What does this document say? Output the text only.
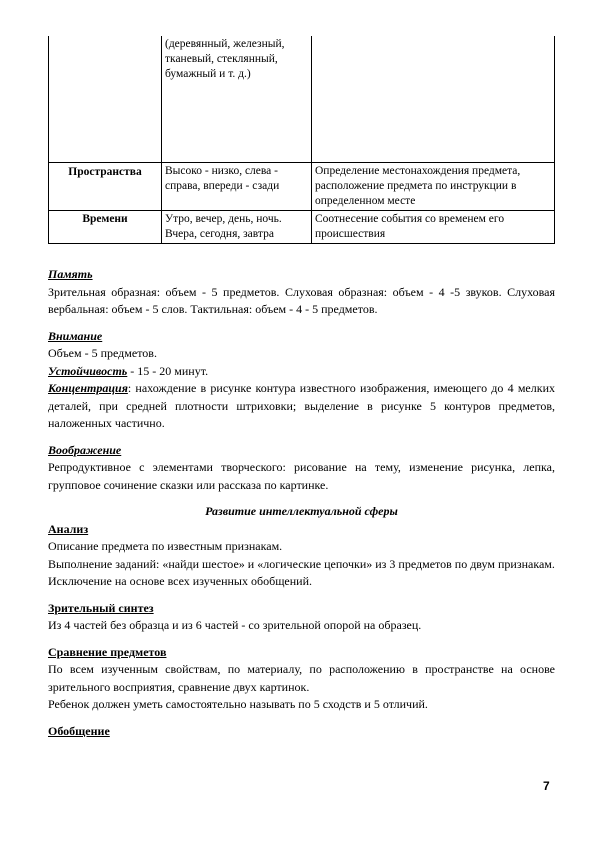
	(деревянный, железный, тканевый, стеклянный, бумажный и т. д.)	
Пространства	Высоко - низко, слева - справа, впереди - сзади	Определение местонахождения предмета, расположение предмета по инструкции в определенном месте
Времени	Утро, вечер, день, ночь. Вчера, сегодня, завтра	Соотнесение события со временем его происшествия
Память
Зрительная образная: объем - 5 предметов. Слуховая образная: объем - 4 -5 звуков. Слуховая вербальная: объем - 5 слов. Тактильная: объем - 4 - 5 предметов.
Внимание
Объем - 5 предметов.
Устойчивость - 15 - 20 минут.
Концентрация: нахождение в рисунке контура известного изображения, имеющего до 4 мелких деталей, при средней плотности штриховки; выделение в рисунке 5 контуров предметов, наложенных частично.
Воображение
Репродуктивное с элементами творческого: рисование на тему, изменение рисунка, лепка, групповое сочинение сказки или рассказа по картинке.
Развитие интеллектуальной сферы
Анализ
Описание предмета по известным признакам.
Выполнение заданий: «найди шестое» и «логические цепочки» из 3 предметов по двум признакам.
Исключение на основе всех изученных обобщений.
Зрительный синтез
Из 4 частей без образца и из 6 частей - со зрительной опорой на образец.
Сравнение предметов
По всем изученным свойствам, по материалу, по расположению в пространстве на основе зрительного восприятия, сравнение двух картинок.
Ребенок должен уметь самостоятельно называть по 5 сходств и 5 отличий.
Обобщение
7
